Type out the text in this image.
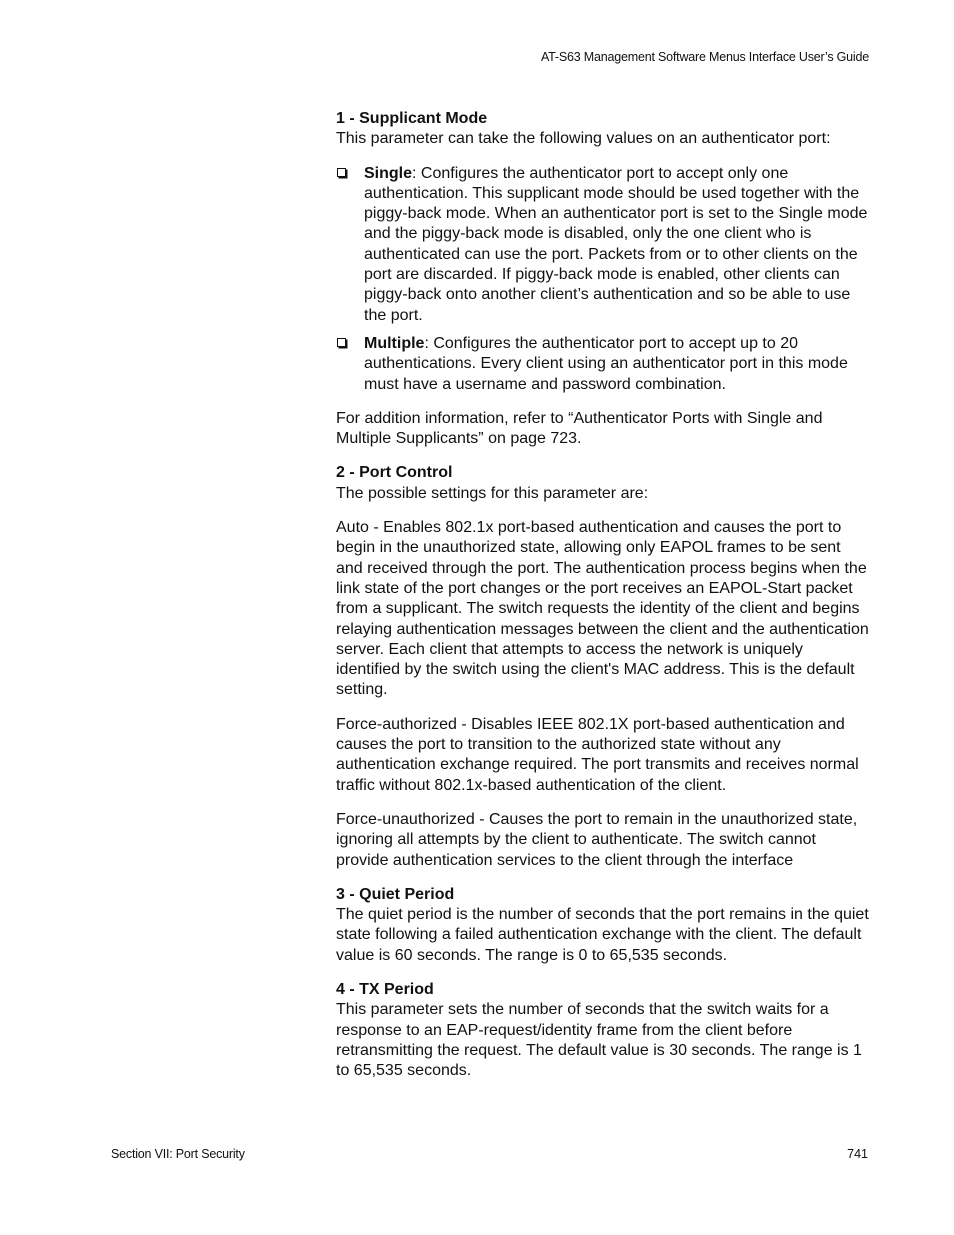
AT-S63 Management Software Menus Interface User’s Guide

1 - Supplicant Mode
This parameter can take the following values on an authenticator port:

Single: Configures the authenticator port to accept only one authentication. This supplicant mode should be used together with the piggy-back mode. When an authenticator port is set to the Single mode and the piggy-back mode is disabled, only the one client who is authenticated can use the port. Packets from or to other clients on the port are discarded. If piggy-back mode is enabled, other clients can piggy-back onto another client’s authentication and so be able to use the port.
Multiple: Configures the authenticator port to accept up to 20 authentications. Every client using an authenticator port in this mode must have a username and password combination.

For addition information, refer to “Authenticator Ports with Single and Multiple Supplicants” on page 723.

2 - Port Control
The possible settings for this parameter are:

Auto - Enables 802.1x port-based authentication and causes the port to begin in the unauthorized state, allowing only EAPOL frames to be sent and received through the port. The authentication process begins when the link state of the port changes or the port receives an EAPOL-Start packet from a supplicant. The switch requests the identity of the client and begins relaying authentication messages between the client and the authentication server. Each client that attempts to access the network is uniquely identified by the switch using the client's MAC address. This is the default setting.

Force-authorized - Disables IEEE 802.1X port-based authentication and causes the port to transition to the authorized state without any authentication exchange required. The port transmits and receives normal traffic without 802.1x-based authentication of the client.

Force-unauthorized - Causes the port to remain in the unauthorized state, ignoring all attempts by the client to authenticate. The switch cannot provide authentication services to the client through the interface

3 - Quiet Period
The quiet period is the number of seconds that the port remains in the quiet state following a failed authentication exchange with the client. The default value is 60 seconds. The range is 0 to 65,535 seconds.

4 - TX Period
This parameter sets the number of seconds that the switch waits for a response to an EAP-request/identity frame from the client before retransmitting the request. The default value is 30 seconds. The range is 1 to 65,535 seconds.

Section VII: Port Security	741
